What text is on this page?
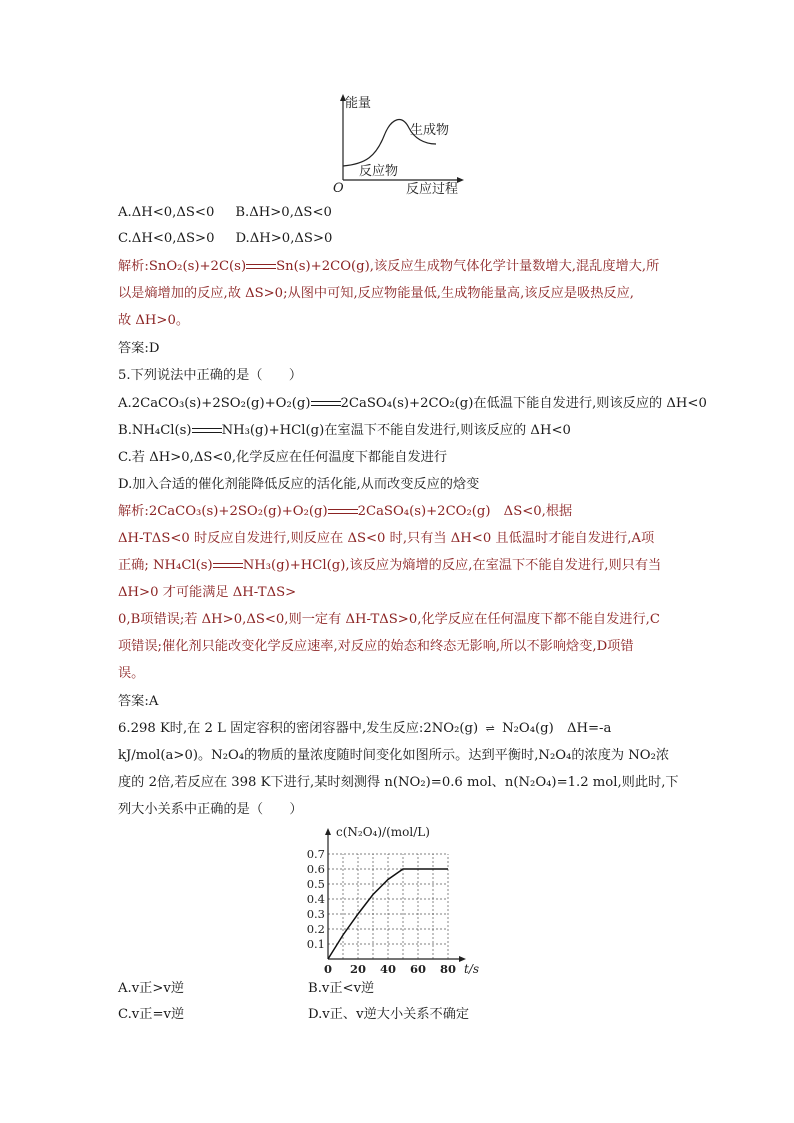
能量
生成物
反应物
O	反应过程
A.ΔH<0,ΔS<0 B.ΔH>0,ΔS<0
C.ΔH<0,ΔS>0 D.ΔH>0,ΔS>0
解析:SnO₂(s)+2C(s) Sn(s)+2CO(g),该反应生成物气体化学计量数增大,混乱度增大,所
以是熵增加的反应,故 ΔS>0;从图中可知,反应物能量低,生成物能量高,该反应是吸热反应,
故 ΔH>0。
答案:D
5.下列说法中正确的是（　　）
A.2CaCO₃(s)+2SO₂(g)+O₂(g) 2CaSO₄(s)+2CO₂(g)在低温下能自发进行,则该反应的 ΔH<0
B.NH₄Cl(s) NH₃(g)+HCl(g)在室温下不能自发进行,则该反应的 ΔH<0
C.若 ΔH>0,ΔS<0,化学反应在任何温度下都能自发进行
D.加入合适的催化剂能降低反应的活化能,从而改变反应的焓变
解析:2CaCO₃(s)+2SO₂(g)+O₂(g) 2CaSO₄(s)+2CO₂(g)　ΔS<0,根据
ΔH-TΔS<0 时反应自发进行,则反应在 ΔS<0 时,只有当 ΔH<0 且低温时才能自发进行,A项
正确; NH₄Cl(s) NH₃(g)+HCl(g),该反应为熵增的反应,在室温下不能自发进行,则只有当
ΔH>0 才可能满足 ΔH-TΔS>
0,B项错误;若 ΔH>0,ΔS<0,则一定有 ΔH-TΔS>0,化学反应在任何温度下都不能自发进行,C
项错误;催化剂只能改变化学反应速率,对反应的始态和终态无影响,所以不影响焓变,D项错
误。
答案:A
6.298 K时,在 2 L 固定容积的密闭容器中,发生反应:2NO₂(g) ⇌ N₂O₄(g)　ΔH=-a
kJ/mol(a>0)。N₂O₄的物质的量浓度随时间变化如图所示。达到平衡时,N₂O₄的浓度为 NO₂浓
度的 2倍,若反应在 398 K下进行,某时刻测得 n(NO₂)=0.6 mol、n(N₂O₄)=1.2 mol,则此时,下
列大小关系中正确的是（　　）
0.1
0.2
0.3
0.4
0.5
0.6
0.7
0 20 40 60 80
c(N₂O₄)/(mol/L)
t/s
A.v正>v逆	B.v正<v逆
C.v正=v逆	D.v正、v逆大小关系不确定
